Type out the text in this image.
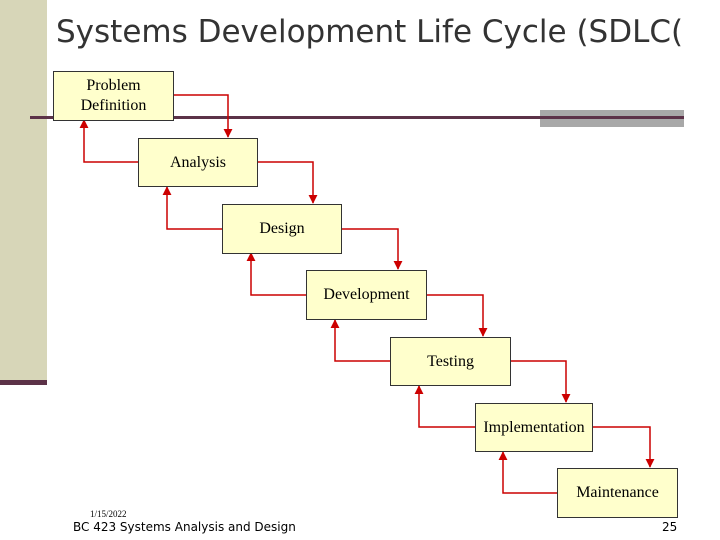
Systems Development Life Cycle (SDLC(
Problem Definition
Analysis
Design
Development
Testing
Implementation
Maintenance
1/15/2022
BC 423 Systems Analysis and Design	25
